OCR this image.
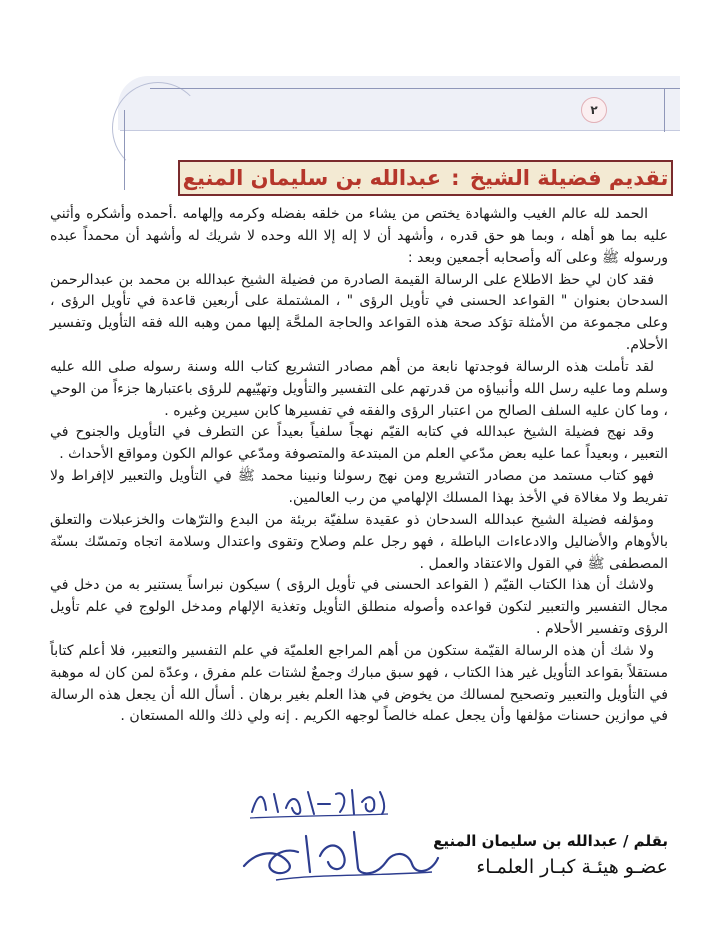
٢
تقديم فضيلة الشيخ
:
عبدالله بن سليمان المنيع

الحمد لله عالم الغيب والشهادة يختص من يشاء من خلقه بفضله وكرمه وإلهامه .أحمده وأشكره وأثني عليه بما هو أهله ، وبما هو حق قدره ، وأشهد أن لا إله إلا الله وحده لا شريك له وأشهد أن محمداً عبده ورسوله ﷺ وعلى آله وأصحابه أجمعين وبعد :

فقد كان لي حظ الاطلاع على الرسالة القيمة الصادرة من فضيلة الشيخ عبدالله بن محمد بن عبدالرحمن السدحان بعنوان " القواعد الحسنى في تأويل الرؤى " ، المشتملة على أربعين قاعدة في تأويل الرؤى ، وعلى مجموعة من الأمثلة تؤكد صحة هذه القواعد والحاجة الملحَّة إليها ممن وهبه الله فقه التأويل وتفسير الأحلام.

لقد تأملت هذه الرسالة فوجدتها نابعة من أهم مصادر التشريع كتاب الله وسنة رسوله صلى الله عليه وسلم وما عليه رسل الله وأنبياؤه من قدرتهم على التفسير والتأويل وتهيّيهم للرؤى باعتبارها جزءاً من الوحي ، وما كان عليه السلف الصالح من اعتبار الرؤى والفقه في تفسيرها كابن سيرين وغيره .

وقد نهج فضيلة الشيخ عبدالله في كتابه القيّم نهجاً سلفياً بعيداً عن التطرف في التأويل والجنوح في التعبير ، وبعيداً عما عليه بعض مدّعي العلم من المبتدعة والمتصوفة ومدّعي عوالم الكون ومواقع الأحداث .

فهو كتاب مستمد من مصادر التشريع ومن نهج رسولنا ونبينا محمد ﷺ في التأويل والتعبير لاإفراط ولا تفريط ولا مغالاة في الأخذ بهذا المسلك الإلهامي من رب العالمين.

ومؤلفه فضيلة الشيخ عبدالله السدحان ذو عقيدة سلفيّة بريئة من البدع والترّهات والخزعبلات والتعلق بالأوهام والأضاليل والادعاءات الباطلة ، فهو رجل علم وصلاح وتقوى واعتدال وسلامة اتجاه وتمسّك بسنّة المصطفى ﷺ في القول والاعتقاد والعمل .

ولاشك أن هذا الكتاب القيّم ( القواعد الحسنى في تأويل الرؤى ) سيكون نبراساً يستنير به من دخل في مجال التفسير والتعبير لتكون قواعده وأصوله منطلق التأويل وتغذية الإلهام ومدخل الولوج في علم تأويل الرؤى وتفسير الأحلام .

ولا شك أن هذه الرسالة القيّمة ستكون من أهم المراجع العلميّة في علم التفسير والتعبير، فلا أعلم كتاباً مستقلاً بقواعد التأويل غير هذا الكتاب ، فهو سبق مبارك وجمعٌ لشتات علم مفرق ، وعدّة لمن كان له موهبة في التأويل والتعبير وتصحيح لمسالك من يخوض في هذا العلم بغير برهان . أسأل الله أن يجعل هذه الرسالة في موازين حسنات مؤلفها وأن يجعل عمله خالصاً لوجهه الكريم . إنه ولي ذلك والله المستعان .

بقلم / عبدالله بن سليمان المنيع
عضـو هيئـة كبـار العلمـاء
